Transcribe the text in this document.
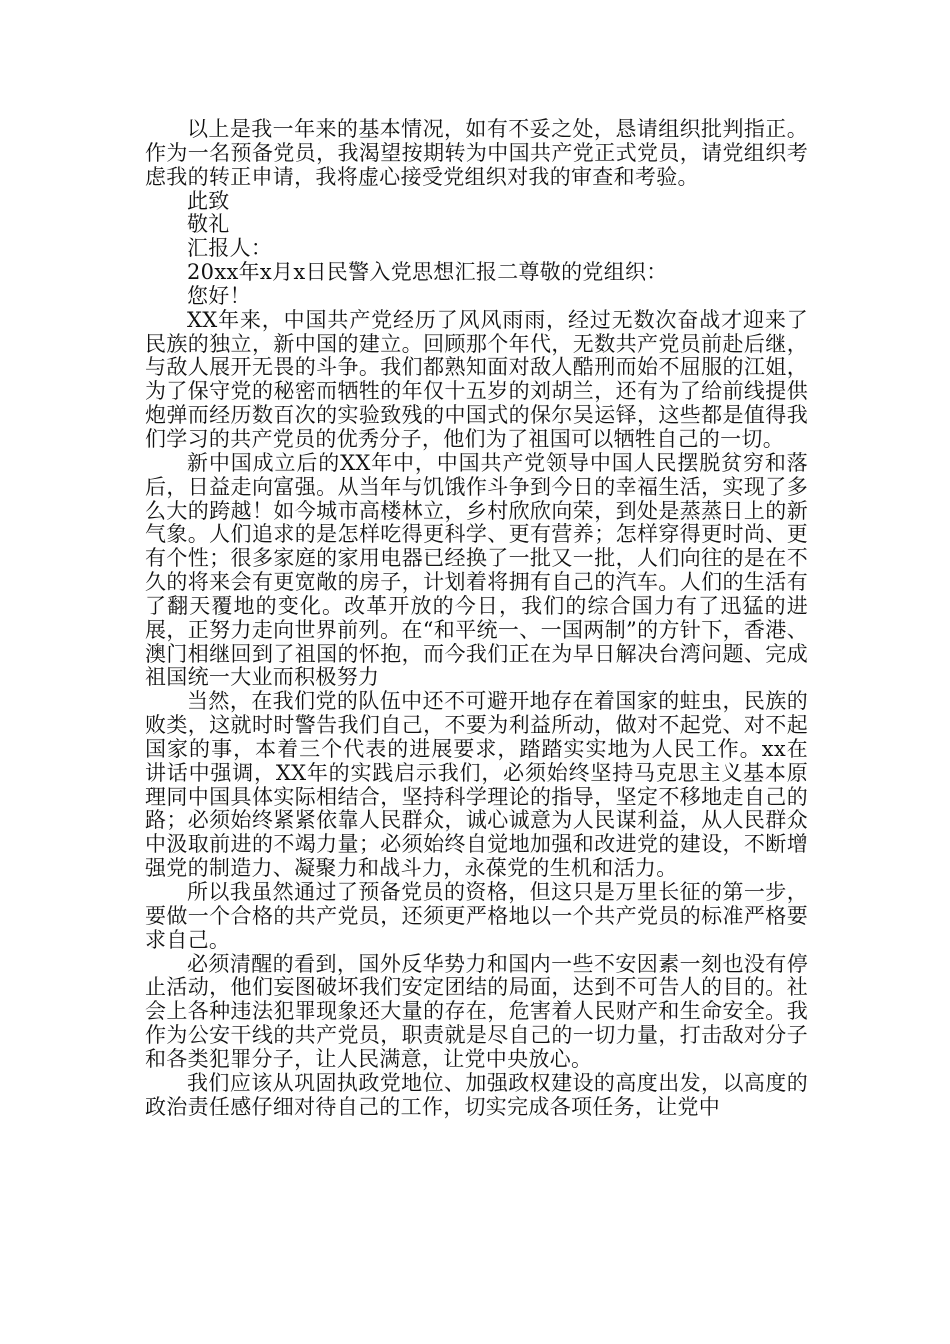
以上是我一年来的基本情况，如有不妥之处，恳请组织批判指正。作为一名预备党员，我渴望按期转为中国共产党正式党员，请党组织考虑我的转正申请，我将虚心接受党组织对我的审查和考验。

此致

敬礼

汇报人：

20xx年x月x日民警入党思想汇报二尊敬的党组织：

您好！

XX年来，中国共产党经历了风风雨雨，经过无数次奋战才迎来了民族的独立，新中国的建立。回顾那个年代，无数共产党员前赴后继，与敌人展开无畏的斗争。我们都熟知面对敌人酷刑而始不屈服的江姐，为了保守党的秘密而牺牲的年仅十五岁的刘胡兰，还有为了给前线提供炮弹而经历数百次的实验致残的中国式的保尔吴运铎，这些都是值得我们学习的共产党员的优秀分子，他们为了祖国可以牺牲自己的一切。

新中国成立后的XX年中，中国共产党领导中国人民摆脱贫穷和落后，日益走向富强。从当年与饥饿作斗争到今日的幸福生活，实现了多么大的跨越！如今城市高楼林立，乡村欣欣向荣，到处是蒸蒸日上的新气象。人们追求的是怎样吃得更科学、更有营养；怎样穿得更时尚、更有个性；很多家庭的家用电器已经换了一批又一批，人们向往的是在不久的将来会有更宽敞的房子，计划着将拥有自己的汽车。人们的生活有了翻天覆地的变化。改革开放的今日，我们的综合国力有了迅猛的进展，正努力走向世界前列。在“和平统一、一国两制”的方针下，香港、澳门相继回到了祖国的怀抱，而今我们正在为早日解决台湾问题、完成祖国统一大业而积极努力

当然，在我们党的队伍中还不可避开地存在着国家的蛀虫，民族的败类，这就时时警告我们自己，不要为利益所动，做对不起党、对不起国家的事，本着三个代表的进展要求，踏踏实实地为人民工作。xx在讲话中强调，XX年的实践启示我们，必须始终坚持马克思主义基本原理同中国具体实际相结合，坚持科学理论的指导，坚定不移地走自己的路；必须始终紧紧依靠人民群众，诚心诚意为人民谋利益，从人民群众中汲取前进的不竭力量；必须始终自觉地加强和改进党的建设，不断增强党的制造力、凝聚力和战斗力，永葆党的生机和活力。

所以我虽然通过了预备党员的资格，但这只是万里长征的第一步，要做一个合格的共产党员，还须更严格地以一个共产党员的标准严格要求自己。

必须清醒的看到，国外反华势力和国内一些不安因素一刻也没有停止活动，他们妄图破坏我们安定团结的局面，达到不可告人的目的。社会上各种违法犯罪现象还大量的存在，危害着人民财产和生命安全。我作为公安干线的共产党员，职责就是尽自己的一切力量，打击敌对分子和各类犯罪分子，让人民满意，让党中央放心。

我们应该从巩固执政党地位、加强政权建设的高度出发，以高度的政治责任感仔细对待自己的工作，切实完成各项任务，让党中
